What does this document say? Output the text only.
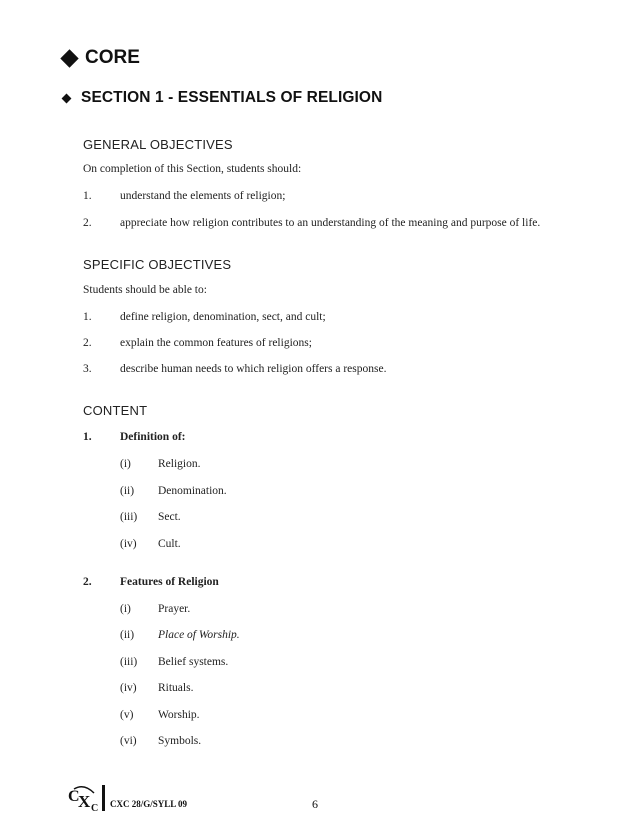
CORE
SECTION 1 - ESSENTIALS OF RELIGION
GENERAL OBJECTIVES
On completion of this Section, students should:
1. understand the elements of religion;
2. appreciate how religion contributes to an understanding of the meaning and purpose of life.
SPECIFIC OBJECTIVES
Students should be able to:
1. define religion, denomination, sect, and cult;
2. explain the common features of religions;
3. describe human needs to which religion offers a response.
CONTENT
1. Definition of:
(i) Religion.
(ii) Denomination.
(iii) Sect.
(iv) Cult.
2. Features of Religion
(i) Prayer.
(ii) Place of Worship.
(iii) Belief systems.
(iv) Rituals.
(v) Worship.
(vi) Symbols.
C
X C CXC 28/G/SYLL 09	6
